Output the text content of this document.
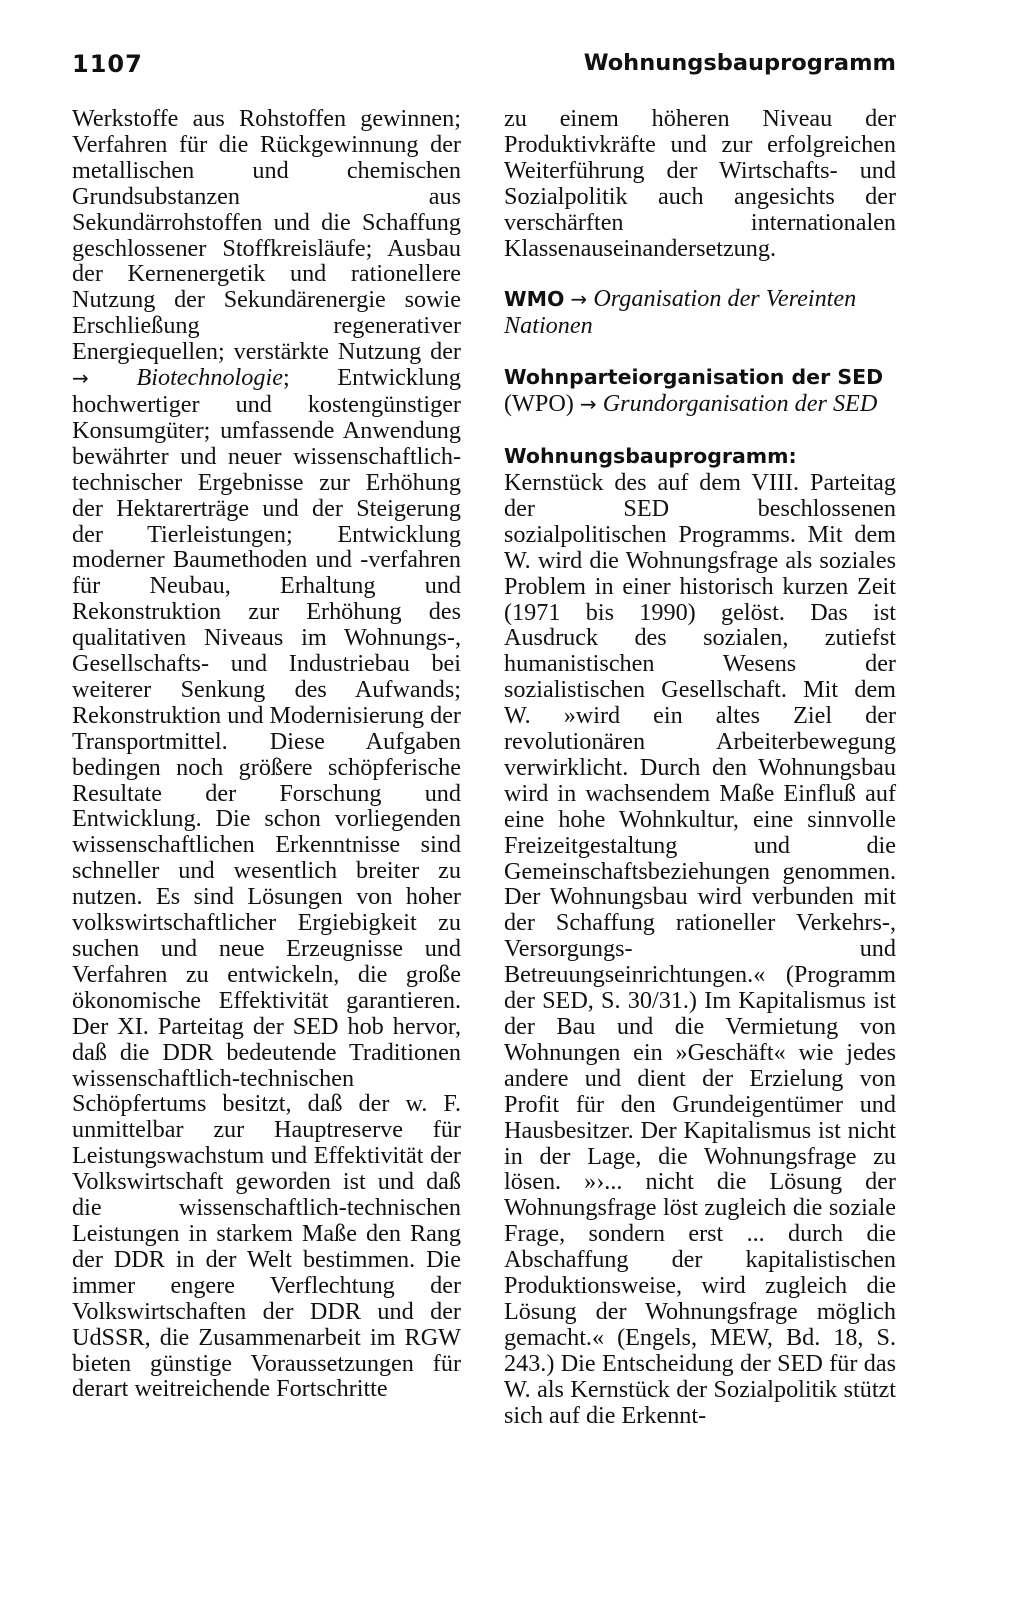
1107	Wohnungsbauprogramm

Werkstoffe aus Rohstoffen gewinnen; Verfahren für die Rückgewinnung der metallischen und chemischen Grundsubstanzen aus Sekundärrohstoffen und die Schaffung geschlossener Stoffkreisläufe; Ausbau der Kernenergetik und rationellere Nutzung der Sekundärenergie sowie Erschließung regenerativer Energiequellen; verstärkte Nutzung der → Biotechnologie; Entwicklung hochwertiger und kostengünstiger Konsumgüter; umfassende Anwendung bewährter und neuer wissenschaftlich-technischer Ergebnisse zur Erhöhung der Hektarerträge und der Steigerung der Tierleistungen; Entwicklung moderner Baumethoden und -verfahren für Neubau, Erhaltung und Rekonstruktion zur Erhöhung des qualitativen Niveaus im Wohnungs-, Gesellschafts- und Industriebau bei weiterer Senkung des Aufwands; Rekonstruktion und Modernisierung der Transportmittel. Diese Aufgaben bedingen noch größere schöpferische Resultate der Forschung und Entwicklung. Die schon vorliegenden wissenschaftlichen Erkenntnisse sind schneller und wesentlich breiter zu nutzen. Es sind Lösungen von hoher volkswirtschaftlicher Ergiebigkeit zu suchen und neue Erzeugnisse und Verfahren zu entwickeln, die große ökonomische Effektivität garantieren. Der XI. Parteitag der SED hob hervor, daß die DDR bedeutende Traditionen wissenschaftlich-technischen Schöpfertums besitzt, daß der w. F. unmittelbar zur Hauptreserve für Leistungswachstum und Effektivität der Volkswirtschaft geworden ist und daß die wissenschaftlich-technischen Leistungen in starkem Maße den Rang der DDR in der Welt bestimmen. Die immer engere Verflechtung der Volkswirtschaften der DDR und der UdSSR, die Zusammenarbeit im RGW bieten günstige Voraussetzungen für derart weitreichende Fortschritte

zu einem höheren Niveau der Produktivkräfte und zur erfolgreichen Weiterführung der Wirtschafts- und Sozialpolitik auch angesichts der verschärften internationalen Klassenauseinandersetzung.

WMO → Organisation der Vereinten Nationen

Wohnparteiorganisation der SED (WPO) → Grundorganisation der SED

Wohnungsbauprogramm: Kernstück des auf dem VIII. Parteitag der SED beschlossenen sozialpolitischen Programms. Mit dem W. wird die Wohnungsfrage als soziales Problem in einer historisch kurzen Zeit (1971 bis 1990) gelöst. Das ist Ausdruck des sozialen, zutiefst humanistischen Wesens der sozialistischen Gesellschaft. Mit dem W. »wird ein altes Ziel der revolutionären Arbeiterbewegung verwirklicht. Durch den Wohnungsbau wird in wachsendem Maße Einfluß auf eine hohe Wohnkultur, eine sinnvolle Freizeitgestaltung und die Gemeinschaftsbeziehungen genommen. Der Wohnungsbau wird verbunden mit der Schaffung rationeller Verkehrs-, Versorgungs- und Betreuungseinrichtungen.« (Programm der SED, S. 30/31.) Im Kapitalismus ist der Bau und die Vermietung von Wohnungen ein »Geschäft« wie jedes andere und dient der Erzielung von Profit für den Grundeigentümer und Hausbesitzer. Der Kapitalismus ist nicht in der Lage, die Wohnungsfrage zu lösen. »›... nicht die Lösung der Wohnungsfrage löst zugleich die soziale Frage, sondern erst ... durch die Abschaffung der kapitalistischen Produktionsweise, wird zugleich die Lösung der Wohnungsfrage möglich gemacht.« (Engels, MEW, Bd. 18, S. 243.) Die Entscheidung der SED für das W. als Kernstück der Sozialpolitik stützt sich auf die Erkennt-
